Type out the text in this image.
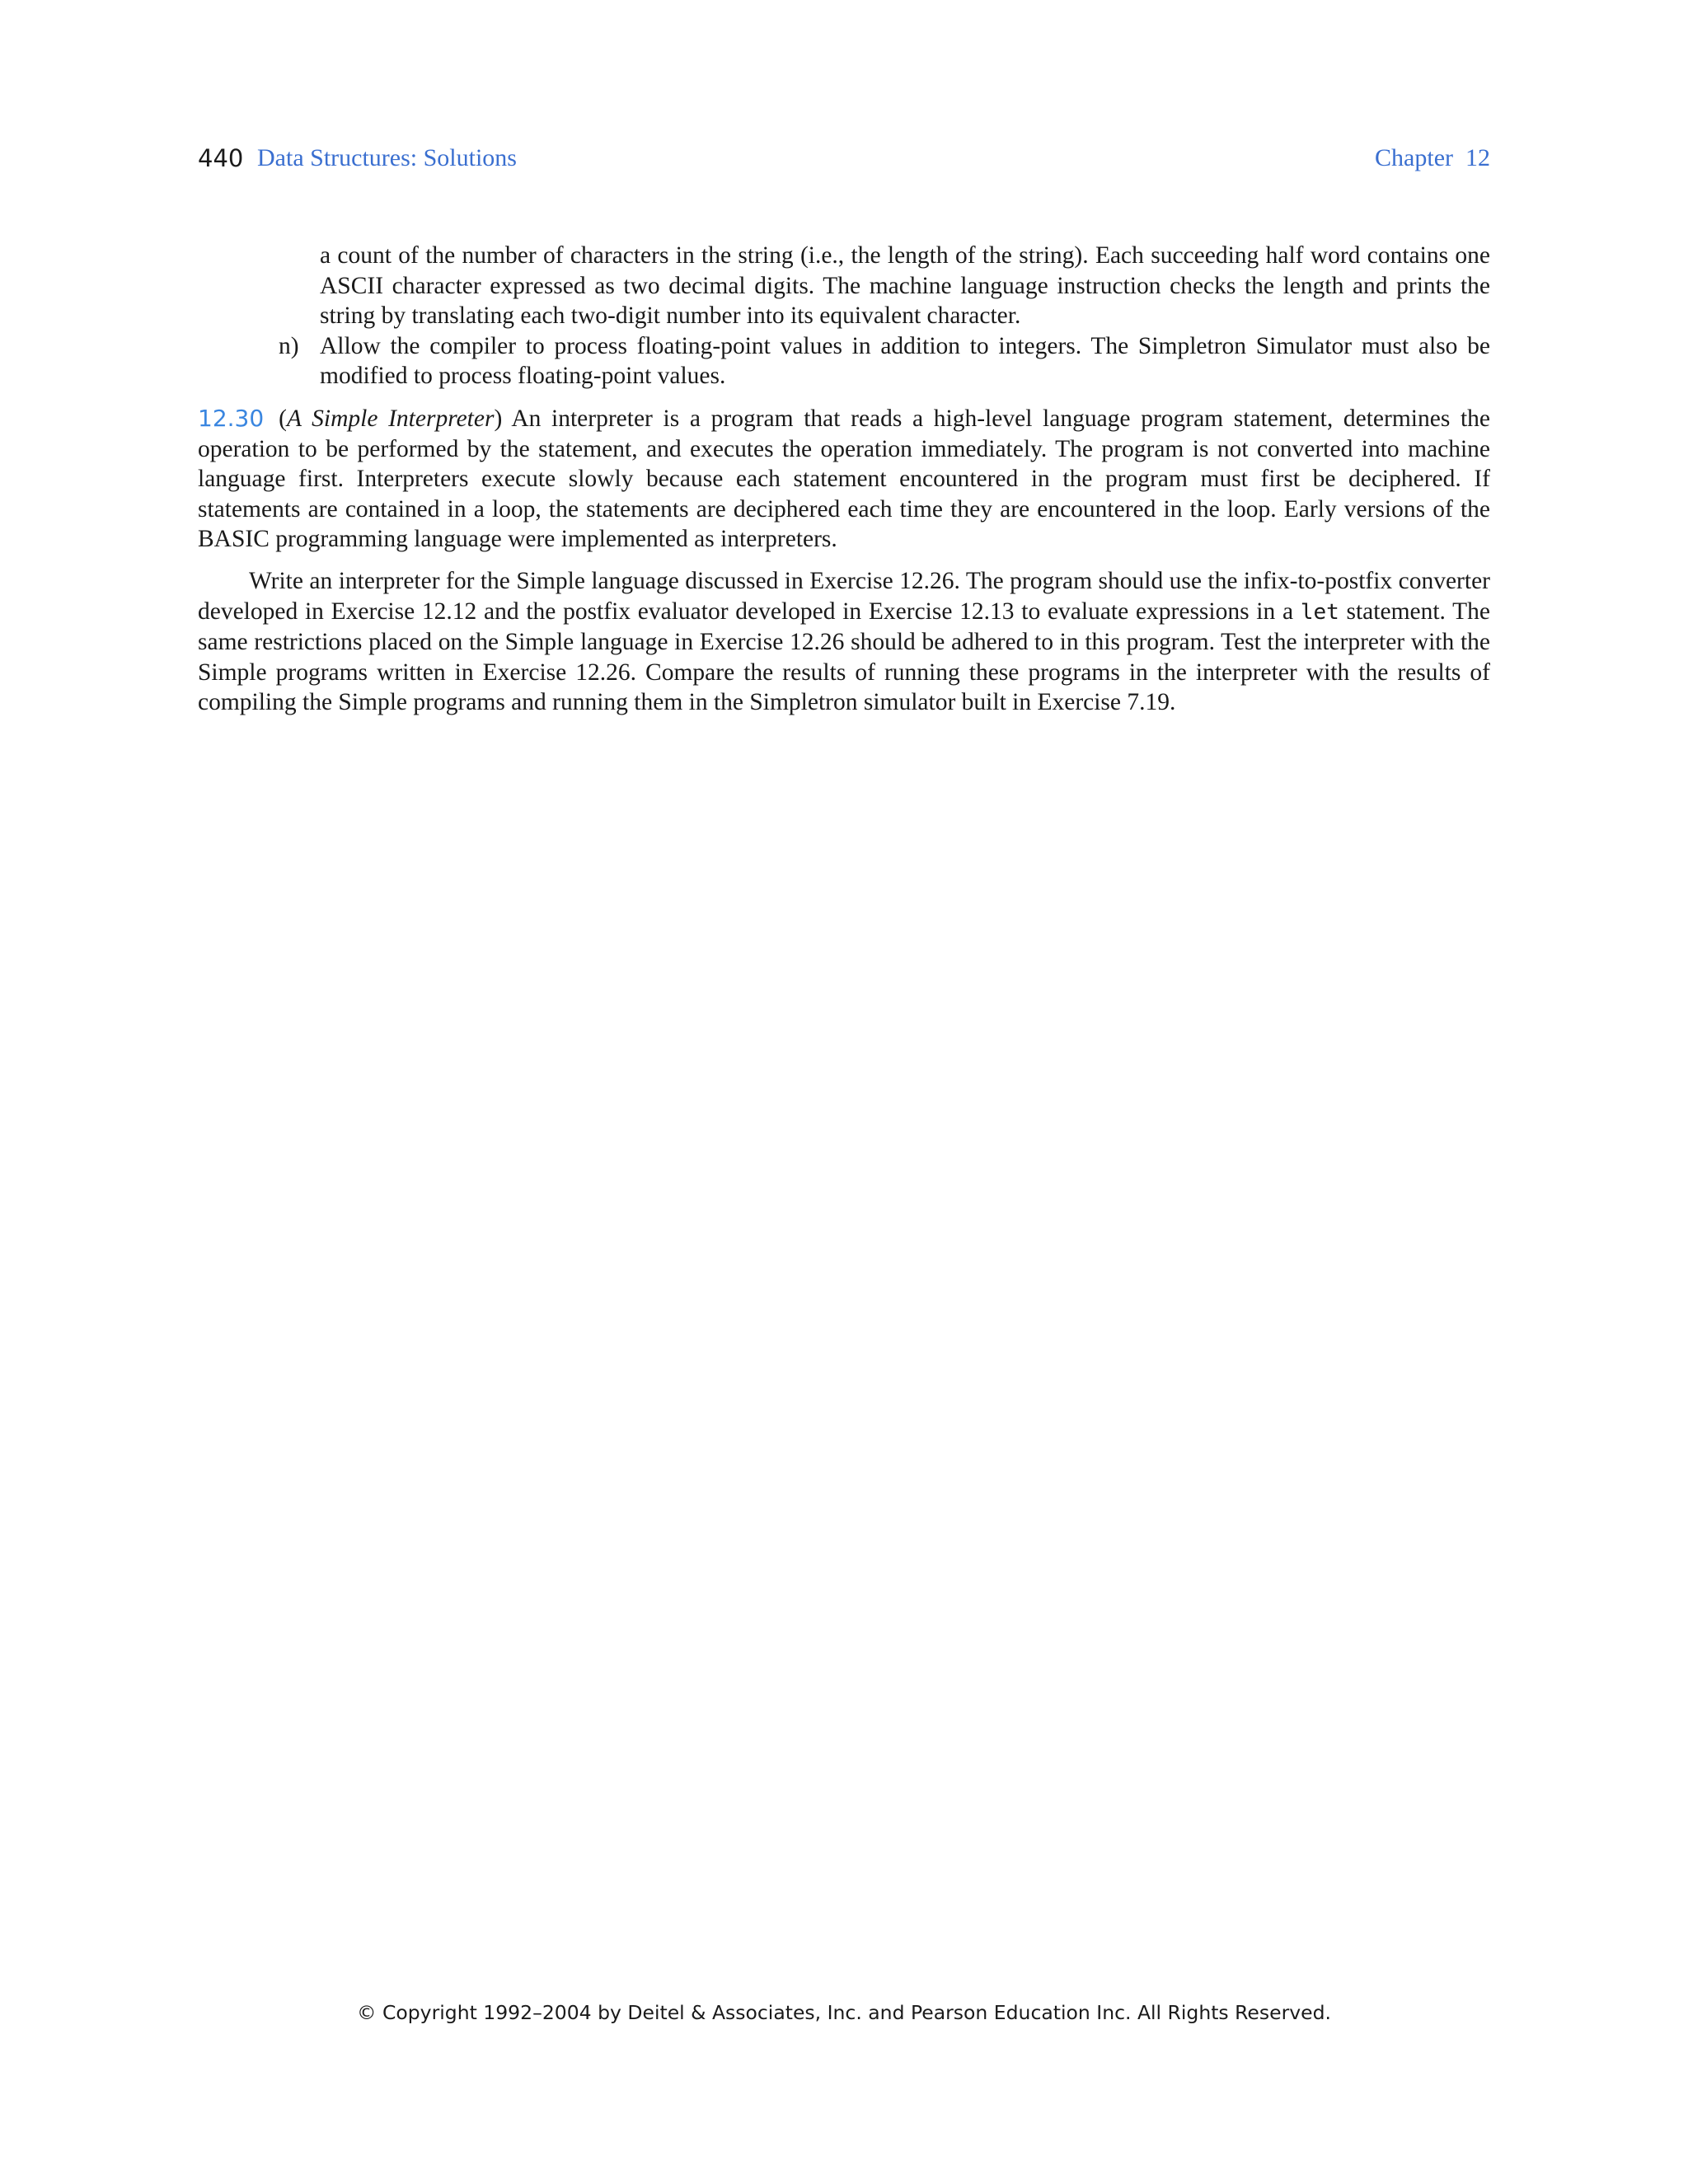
440 Data Structures: Solutions	Chapter  12

a count of the number of characters in the string (i.e., the length of the string). Each succeeding half word contains one ASCII character expressed as two decimal digits. The machine language instruction checks the length and prints the string by translating each two-digit number into its equivalent character.

n) Allow the compiler to process floating-point values in addition to integers. The Simpletron Simulator must also be modified to process floating-point values.

12.30 (A Simple Interpreter) An interpreter is a program that reads a high-level language program statement, determines the operation to be performed by the statement, and executes the operation immediately. The program is not converted into machine language first. Interpreters execute slowly because each statement encountered in the program must first be deciphered. If statements are contained in a loop, the statements are deciphered each time they are encountered in the loop. Early versions of the BASIC programming language were implemented as interpreters.

Write an interpreter for the Simple language discussed in Exercise 12.26. The program should use the infix-to-postfix converter developed in Exercise 12.12 and the postfix evaluator developed in Exercise 12.13 to evaluate expressions in a let statement. The same restrictions placed on the Simple language in Exercise 12.26 should be adhered to in this program. Test the interpreter with the Simple programs written in Exercise 12.26. Compare the results of running these programs in the interpreter with the results of compiling the Simple programs and running them in the Simpletron simulator built in Exercise 7.19.

© Copyright 1992–2004 by Deitel & Associates, Inc. and Pearson Education Inc. All Rights Reserved.
